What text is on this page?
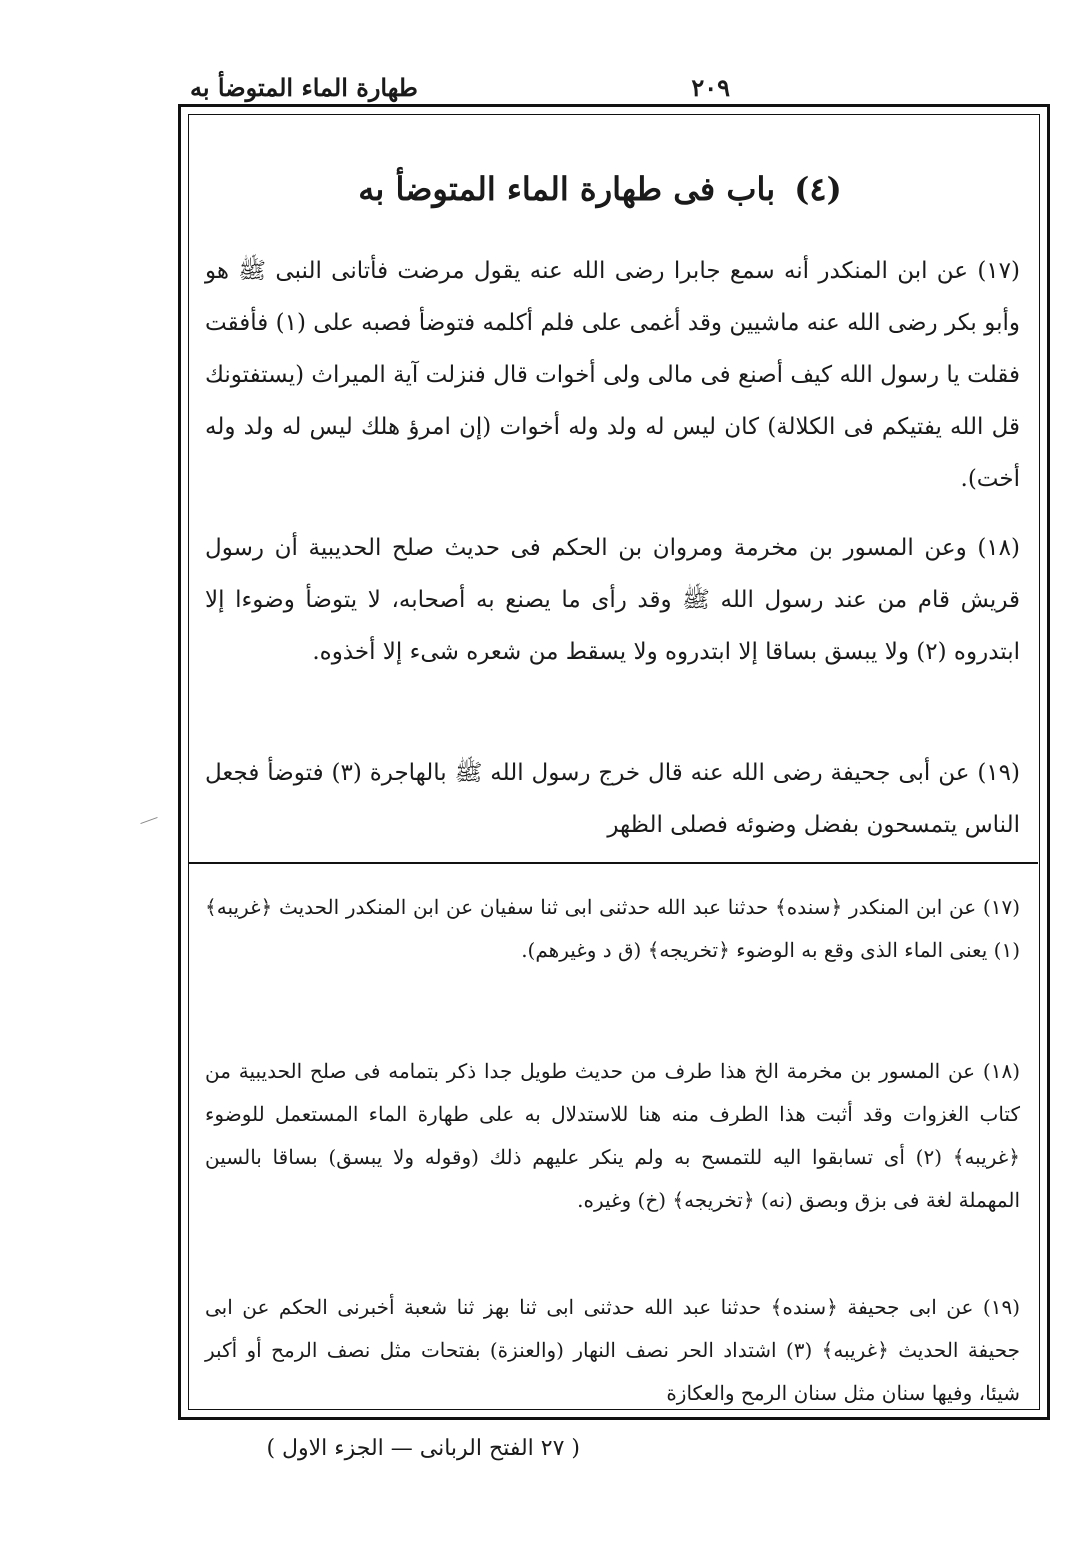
٢٠٩
طهارة الماء المتوضأ به
(٤) باب فى طهارة الماء المتوضأ به
(١٧) عن ابن المنكدر أنه سمع جابرا رضى الله عنه يقول مرضت فأتانى النبى ﷺ هو وأبو بكر رضى الله عنه ماشيين وقد أغمى على فلم أكلمه فتوضأ فصبه على (١) فأفقت فقلت يا رسول الله كيف أصنع فى مالى ولى أخوات قال فنزلت آية الميراث (يستفتونك قل الله يفتيكم فى الكلالة) كان ليس له ولد وله أخوات (إن امرؤ هلك ليس له ولد وله أخت).
(١٨) وعن المسور بن مخرمة ومروان بن الحكم فى حديث صلح الحديبية أن رسول قريش قام من عند رسول الله ﷺ وقد رأى ما يصنع به أصحابه، لا يتوضأ وضوءا إلا ابتدروه (٢) ولا يبسق بساقا إلا ابتدروه ولا يسقط من شعره شىء إلا أخذوه.
(١٩) عن أبى جحيفة رضى الله عنه قال خرج رسول الله ﷺ بالهاجرة (٣) فتوضأ فجعل الناس يتمسحون بفضل وضوئه فصلى الظهر
(١٧) عن ابن المنكدر ﴿سنده﴾ حدثنا عبد الله حدثنى ابى ثنا سفيان عن ابن المنكدر الحديث ﴿غريبه﴾ (١) يعنى الماء الذى وقع به الوضوء ﴿تخريجه﴾ (ق د وغيرهم).
(١٨) عن المسور بن مخرمة الخ هذا طرف من حديث طويل جدا ذكر بتمامه فى صلح الحديبية من كتاب الغزوات وقد أثبت هذا الطرف منه هنا للاستدلال به على طهارة الماء المستعمل للوضوء ﴿غريبه﴾ (٢) أى تسابقوا اليه للتمسح به ولم ينكر عليهم ذلك (وقوله ولا يبسق) بساقا بالسين المهملة لغة فى بزق وبصق (نه) ﴿تخريجه﴾ (خ) وغيره.
(١٩) عن ابى جحيفة ﴿سنده﴾ حدثنا عبد الله حدثنى ابى ثنا بهز ثنا شعبة أخبرنى الحكم عن ابى جحيفة الحديث ﴿غريبه﴾ (٣) اشتداد الحر نصف النهار (والعنزة) بفتحات مثل نصف الرمح أو أكبر شيئا، وفيها سنان مثل سنان الرمح والعكازة
( ٢٧ الفتح الربانى — الجزء الاول )
